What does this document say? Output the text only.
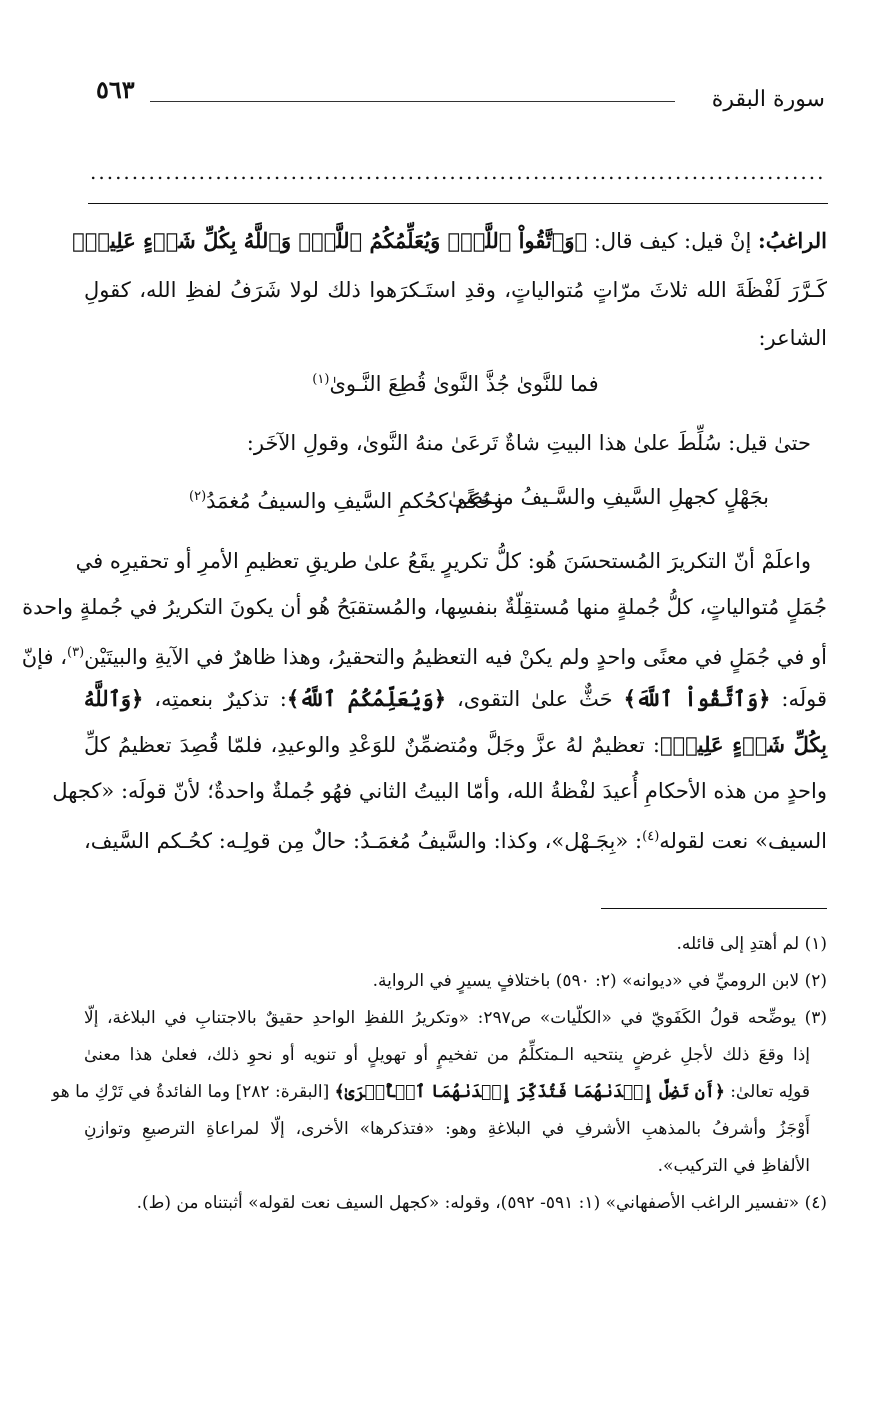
سورة البقرة
٥٦٣
........................................................................................
الراغبُ: إنْ قيل: كيف قال: ﴿وَٱتَّقُواْ ٱللَّهَۖ وَيُعَلِّمُكُمُ ٱللَّهُۗ وَٱللَّهُ بِكُلِّ شَيۡءٍ عَلِيمٞ﴾
كَـرَّرَ لَفْظَةَ الله ثلاثَ مرّاتٍ مُتوالياتٍ، وقدِ استَـكرَهوا ذلك لولا شَرَفُ لفظِ الله، كقولِ
الشاعر:
فما للنَّوىٰ جُذَّ النَّوىٰ قُطِعَ النَّـوىٰ$^{(١)}$
حتىٰ قيل: سُلِّطَ علىٰ هذا البيتِ شاةٌ تَرعَىٰ منهُ النَّوىٰ، وقولِ الآخَر:
بجَهْلٍ كجهلِ السَّيفِ والسَّـيفُ منـتضًىٰ
وحُكم كحُكمِ السَّيفِ والسيفُ مُغمَدُ$^{(٢)}$
واعلَمْ أنّ التكريرَ المُستحسَنَ هُو: كلُّ تكريرٍ يقَعُ علىٰ طريقِ تعظيمِ الأمرِ أو تحقيرِه في
جُمَلٍ مُتوالياتٍ، كلُّ جُملةٍ منها مُستقِلّةٌ بنفسِها، والمُستقبَحُ هُو أن يكونَ التكريرُ في جُملةٍ واحدة
أو في جُمَلٍ في معنًى واحدٍ ولم يكنْ فيه التعظيمُ والتحقيرُ، وهذا ظاهرٌ في الآيةِ والبيتَيْن$^{(٣)}$، فإنّ
قولَه: ﴿وَٱتَّقُواْ ٱللَّهَ﴾ حَثٌّ علىٰ التقوى، ﴿وَيُعَلِّمُكُمُ ٱللَّهُ﴾: تذكيرٌ بنعمتِه، ﴿وَٱللَّهُ
بِكُلِّ شَيۡءٍ عَلِيمٞ﴾: تعظيمٌ لهُ عزَّ وجَلَّ ومُتضمِّنٌ للوَعْدِ والوعيدِ، فلمّا قُصِدَ تعظيمُ كلِّ
واحدٍ من هذه الأحكامِ أُعيدَ لفْظةُ الله، وأمّا البيتُ الثاني فهُو جُملةٌ واحدةٌ؛ لأنّ قولَه: «كجهل
السيف» نعت لقوله$^{(٤)}$: «بِجَـهْل»، وكذا: والسَّيفُ مُغمَـدُ: حالٌ مِن قولِـه: كحُـكم السَّيف،
(١) لم أهتدِ إلى قائله.
(٢) لابن الروميِّ في «ديوانه» (٢: ٥٩٠) باختلافٍ يسيرٍ في الرواية.
(٣) يوضِّحه قولُ الكَفَويّ في «الكلّيات» ص٢٩٧: «وتكريرُ اللفظِ الواحدِ حقيقٌ بالاجتنابِ في البلاغة، إلّا
إذا وقعَ ذلك لأجلِ غرضٍ ينتحيه الـمتكلِّمُ من تفخيمٍ أو تهويلٍ أو تنويه أو نحوِ ذلك، فعلىٰ هذا معنىٰ
قولِه تعالىٰ: ﴿أَن تَضِلَّ إِحۡدَىٰهُمَا فَتُذَكِّرَ إِحۡدَىٰهُمَا ٱلۡأُخۡرَىٰ﴾ [البقرة: ٢٨٢] وما الفائدةُ في تَرْكِ ما هو
أَوْجَزُ وأشرفُ بالمذهبِ الأشرفِ في البلاغةِ وهو: «فتذكرها» الأخرى، إلّا لمراعاةِ الترصيعِ وتوازنِ
الألفاظِ في التركيب».
(٤) «تفسير الراغب الأصفهاني» (١: ٥٩١- ٥٩٢)، وقوله: «كجهل السيف نعت لقوله» أثبتناه من (ط).
